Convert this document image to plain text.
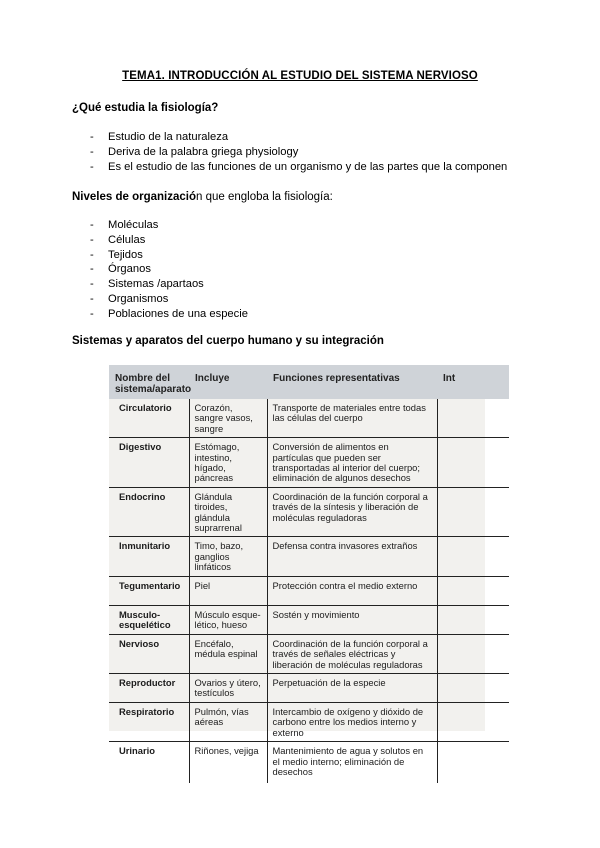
TEMA1. INTRODUCCIÓN AL ESTUDIO DEL SISTEMA NERVIOSO
¿Qué estudia la fisiología?
- Estudio de la naturaleza
- Deriva de la palabra griega physiology
- Es el estudio de las funciones de un organismo y de las partes que la componen
Niveles de organización que engloba la fisiología:
- Moléculas
- Células
- Tejidos
- Órganos
- Sistemas /apartaos
- Organismos
- Poblaciones de una especie
Sistemas y aparatos del cuerpo humano y su integración
Nombre del sistema/aparato	Incluye	Funciones representativas	Int
Circulatorio	Corazón, sangre vasos, sangre	Transporte de materiales entre todas las células del cuerpo	
Digestivo	Estómago, intestino, hígado, páncreas	Conversión de alimentos en partículas que pueden ser transportadas al interior del cuerpo; eliminación de algunos desechos	
Endocrino	Glándula tiroides, glándula suprarrenal	Coordinación de la función corporal a través de la síntesis y liberación de moléculas reguladoras	
Inmunitario	Timo, bazo, ganglios linfáticos	Defensa contra invasores extraños	
Tegumentario	Piel	Protección contra el medio externo	
Musculo-esquelético	Músculo esque-lético, hueso	Sostén y movimiento	
Nervioso	Encéfalo, médula espinal	Coordinación de la función corporal a través de señales eléctricas y liberación de moléculas reguladoras	
Reproductor	Ovarios y útero, testículos	Perpetuación de la especie	
Respiratorio	Pulmón, vías aéreas	Intercambio de oxígeno y dióxido de carbono entre los medios interno y externo	
Urinario	Riñones, vejiga	Mantenimiento de agua y solutos en el medio interno; eliminación de desechos	
